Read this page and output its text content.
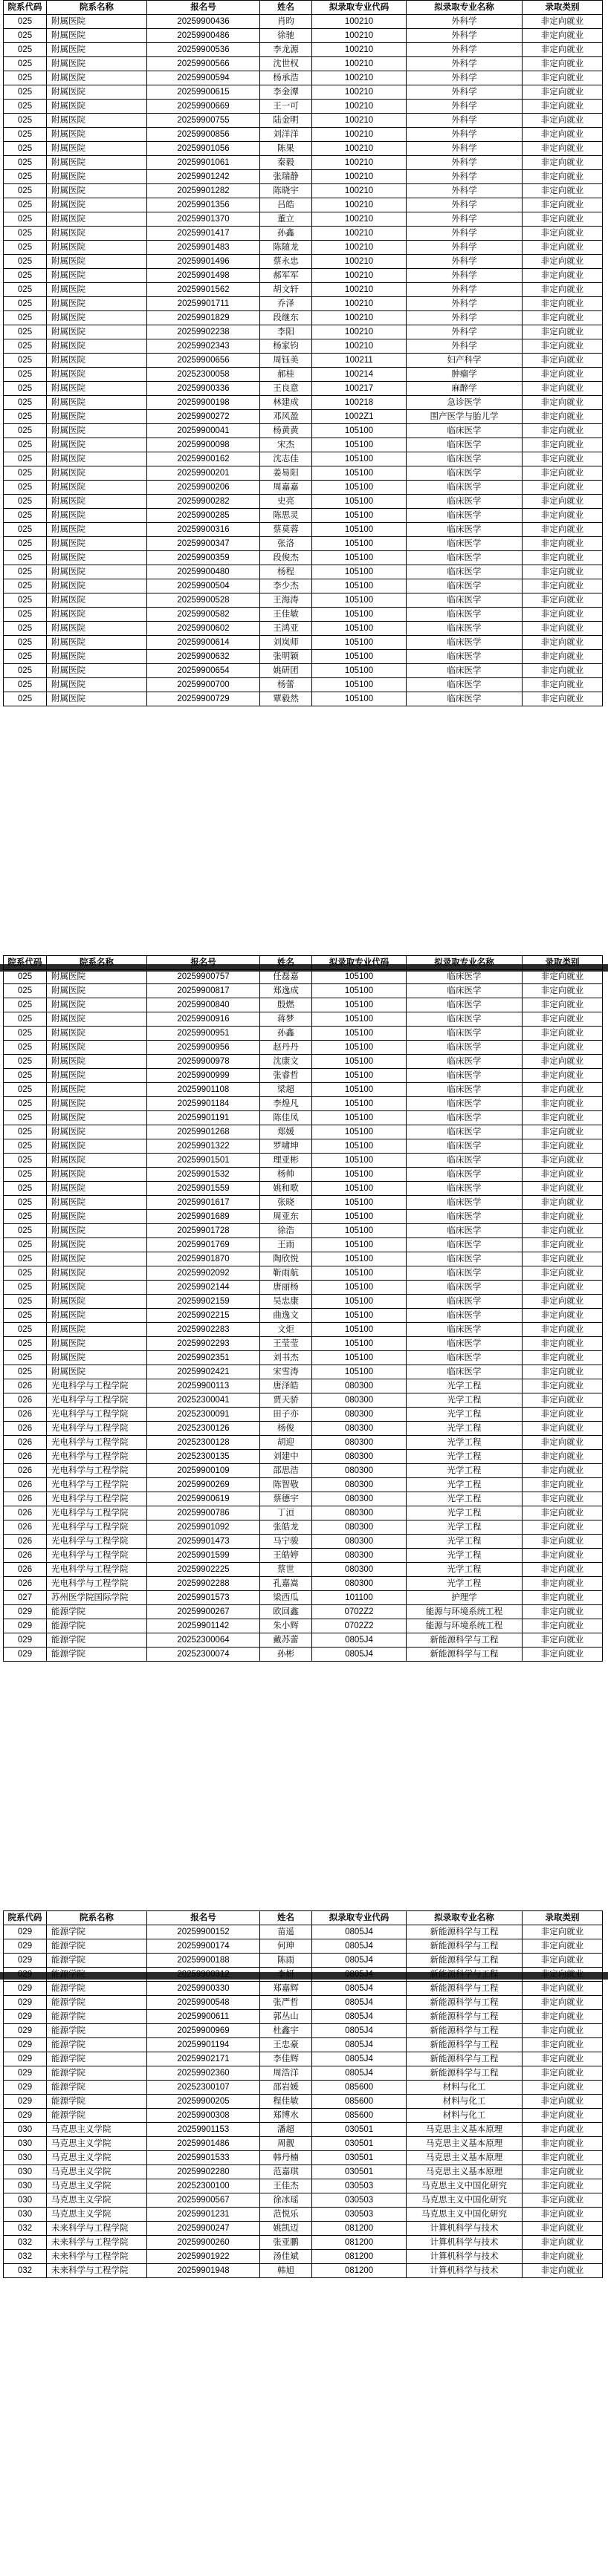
院系代码	院系名称	报名号	姓名	拟录取专业代码	拟录取专业名称	录取类别
025	附属医院	20259900436	肖昀	100210	外科学	非定向就业
025	附属医院	20259900486	徐驰	100210	外科学	非定向就业
025	附属医院	20259900536	李龙源	100210	外科学	非定向就业
025	附属医院	20259900566	沈世权	100210	外科学	非定向就业
025	附属医院	20259900594	杨承浩	100210	外科学	非定向就业
025	附属医院	20259900615	李金潭	100210	外科学	非定向就业
025	附属医院	20259900669	王一可	100210	外科学	非定向就业
025	附属医院	20259900755	陆金明	100210	外科学	非定向就业
025	附属医院	20259900856	刘洋洋	100210	外科学	非定向就业
025	附属医院	20259901056	陈果	100210	外科学	非定向就业
025	附属医院	20259901061	秦毅	100210	外科学	非定向就业
025	附属医院	20259901242	张瑞静	100210	外科学	非定向就业
025	附属医院	20259901282	陈晓宇	100210	外科学	非定向就业
025	附属医院	20259901356	吕皓	100210	外科学	非定向就业
025	附属医院	20259901370	董立	100210	外科学	非定向就业
025	附属医院	20259901417	孙鑫	100210	外科学	非定向就业
025	附属医院	20259901483	陈随龙	100210	外科学	非定向就业
025	附属医院	20259901496	蔡永忠	100210	外科学	非定向就业
025	附属医院	20259901498	郝军军	100210	外科学	非定向就业
025	附属医院	20259901562	胡文轩	100210	外科学	非定向就业
025	附属医院	20259901711	乔泽	100210	外科学	非定向就业
025	附属医院	20259901829	段继东	100210	外科学	非定向就业
025	附属医院	20259902238	李阳	100210	外科学	非定向就业
025	附属医院	20259902343	杨家钧	100210	外科学	非定向就业
025	附属医院	20259900656	周钰美	100211	妇产科学	非定向就业
025	附属医院	20252300058	郝桂	100214	肿瘤学	非定向就业
025	附属医院	20259900336	王良意	100217	麻醉学	非定向就业
025	附属医院	20259900198	林建成	100218	急诊医学	非定向就业
025	附属医院	20259900272	邓风盈	1002Z1	围产医学与胎儿学	非定向就业
025	附属医院	20259900041	杨黄黄	105100	临床医学	非定向就业
025	附属医院	20259900098	宋杰	105100	临床医学	非定向就业
025	附属医院	20259900162	沈志佳	105100	临床医学	非定向就业
025	附属医院	20259900201	姜易阳	105100	临床医学	非定向就业
025	附属医院	20259900206	周嘉嘉	105100	临床医学	非定向就业
025	附属医院	20259900282	史亮	105100	临床医学	非定向就业
025	附属医院	20259900285	陈思灵	105100	临床医学	非定向就业
025	附属医院	20259900316	蔡莫蓉	105100	临床医学	非定向就业
025	附属医院	20259900347	张洛	105100	临床医学	非定向就业
025	附属医院	20259900359	段俊杰	105100	临床医学	非定向就业
025	附属医院	20259900480	杨程	105100	临床医学	非定向就业
025	附属医院	20259900504	李少杰	105100	临床医学	非定向就业
025	附属医院	20259900528	王海涛	105100	临床医学	非定向就业
025	附属医院	20259900582	王佳敏	105100	临床医学	非定向就业
025	附属医院	20259900602	王鸿亚	105100	临床医学	非定向就业
025	附属医院	20259900614	刘岚师	105100	临床医学	非定向就业
025	附属医院	20259900632	张明颖	105100	临床医学	非定向就业
025	附属医院	20259900654	姚研团	105100	临床医学	非定向就业
025	附属医院	20259900700	杨蕾	105100	临床医学	非定向就业
025	附属医院	20259900729	覃毅然	105100	临床医学	非定向就业
院系代码	院系名称	报名号	姓名	拟录取专业代码	拟录取专业名称	录取类别
025	附属医院	20259900757	任磊嘉	105100	临床医学	非定向就业
025	附属医院	20259900817	郑逸成	105100	临床医学	非定向就业
025	附属医院	20259900840	殷燃	105100	临床医学	非定向就业
025	附属医院	20259900916	蒋梦	105100	临床医学	非定向就业
025	附属医院	20259900951	孙鑫	105100	临床医学	非定向就业
025	附属医院	20259900956	赵丹丹	105100	临床医学	非定向就业
025	附属医院	20259900978	沈康文	105100	临床医学	非定向就业
025	附属医院	20259900999	张睿哲	105100	临床医学	非定向就业
025	附属医院	20259901108	梁超	105100	临床医学	非定向就业
025	附属医院	20259901184	李煌凡	105100	临床医学	非定向就业
025	附属医院	20259901191	陈佳凤	105100	临床医学	非定向就业
025	附属医院	20259901268	郑媛	105100	临床医学	非定向就业
025	附属医院	20259901322	罗啸坤	105100	临床医学	非定向就业
025	附属医院	20259901501	理亚彬	105100	临床医学	非定向就业
025	附属医院	20259901532	杨帅	105100	临床医学	非定向就业
025	附属医院	20259901559	姚和歌	105100	临床医学	非定向就业
025	附属医院	20259901617	张晓	105100	临床医学	非定向就业
025	附属医院	20259901689	周亚东	105100	临床医学	非定向就业
025	附属医院	20259901728	徐浩	105100	临床医学	非定向就业
025	附属医院	20259901769	王雨	105100	临床医学	非定向就业
025	附属医院	20259901870	陶欣悦	105100	临床医学	非定向就业
025	附属医院	20259902092	靳雨航	105100	临床医学	非定向就业
025	附属医院	20259902144	唐丽杨	105100	临床医学	非定向就业
025	附属医院	20259902159	吴忠康	105100	临床医学	非定向就业
025	附属医院	20259902215	曲逸文	105100	临床医学	非定向就业
025	附属医院	20259902283	文炬	105100	临床医学	非定向就业
025	附属医院	20259902293	王莹莹	105100	临床医学	非定向就业
025	附属医院	20259902351	刘书杰	105100	临床医学	非定向就业
025	附属医院	20259902421	宋雪涛	105100	临床医学	非定向就业
026	光电科学与工程学院	20259900113	唐泽皓	080300	光学工程	非定向就业
026	光电科学与工程学院	20252300041	贾天骄	080300	光学工程	非定向就业
026	光电科学与工程学院	20252300091	田子亦	080300	光学工程	非定向就业
026	光电科学与工程学院	20252300126	杨俊	080300	光学工程	非定向就业
026	光电科学与工程学院	20252300128	胡迎	080300	光学工程	非定向就业
026	光电科学与工程学院	20252300135	刘建中	080300	光学工程	非定向就业
026	光电科学与工程学院	20259900109	邵思浩	080300	光学工程	非定向就业
026	光电科学与工程学院	20259900269	陈智敬	080300	光学工程	非定向就业
026	光电科学与工程学院	20259900619	蔡德宇	080300	光学工程	非定向就业
026	光电科学与工程学院	20259900786	丁洹	080300	光学工程	非定向就业
026	光电科学与工程学院	20259901092	张皓龙	080300	光学工程	非定向就业
026	光电科学与工程学院	20259901473	马宁骏	080300	光学工程	非定向就业
026	光电科学与工程学院	20259901599	王皓婷	080300	光学工程	非定向就业
026	光电科学与工程学院	20259902225	蔡世	080300	光学工程	非定向就业
026	光电科学与工程学院	20259902288	孔嘉嵩	080300	光学工程	非定向就业
027	苏州医学院国际学院	20259901573	梁西瓜	101100	护理学	非定向就业
029	能源学院	20259900267	欧回鑫	0702Z2	能源与环境系统工程	非定向就业
029	能源学院	20259901142	朱小辉	0702Z2	能源与环境系统工程	非定向就业
029	能源学院	20252300064	戴苏蕾	0805J4	新能源科学与工程	非定向就业
029	能源学院	20252300074	孙彬	0805J4	新能源科学与工程	非定向就业
院系代码	院系名称	报名号	姓名	拟录取专业代码	拟录取专业名称	录取类别
029	能源学院	20259900152	苗遥	0805J4	新能源科学与工程	非定向就业
029	能源学院	20259900174	何珅	0805J4	新能源科学与工程	非定向就业
029	能源学院	20259900188	陈雨	0805J4	新能源科学与工程	非定向就业
029	能源学院	20259900312	李妍	0805J4	新能源科学与工程	非定向就业
029	能源学院	20259900330	郑嘉辉	0805J4	新能源科学与工程	非定向就业
029	能源学院	20259900548	张严哲	0805J4	新能源科学与工程	非定向就业
029	能源学院	20259900611	郭丛山	0805J4	新能源科学与工程	非定向就业
029	能源学院	20259900969	杜鑫宇	0805J4	新能源科学与工程	非定向就业
029	能源学院	20259901194	王忠豪	0805J4	新能源科学与工程	非定向就业
029	能源学院	20259902171	李佳辉	0805J4	新能源科学与工程	非定向就业
029	能源学院	20259902360	周浩洋	0805J4	新能源科学与工程	非定向就业
029	能源学院	20252300107	邵岩媛	085600	材料与化工	非定向就业
029	能源学院	20259900205	程佳敏	085600	材料与化工	非定向就业
029	能源学院	20259900308	郑博水	085600	材料与化工	非定向就业
030	马克思主义学院	20259901153	潘超	030501	马克思主义基本原理	非定向就业
030	马克思主义学院	20259901486	周靓	030501	马克思主义基本原理	非定向就业
030	马克思主义学院	20259901533	韩丹楠	030501	马克思主义基本原理	非定向就业
030	马克思主义学院	20259902280	范嘉琪	030501	马克思主义基本原理	非定向就业
030	马克思主义学院	20252300100	王佳杰	030503	马克思主义中国化研究	非定向就业
030	马克思主义学院	20259900567	徐冰瑶	030503	马克思主义中国化研究	非定向就业
030	马克思主义学院	20259901231	范悦乐	030503	马克思主义中国化研究	非定向就业
032	未来科学与工程学院	20259900247	姚凯迈	081200	计算机科学与技术	非定向就业
032	未来科学与工程学院	20259900260	张亚鹏	081200	计算机科学与技术	非定向就业
032	未来科学与工程学院	20259901922	汤佳斌	081200	计算机科学与技术	非定向就业
032	未来科学与工程学院	20259901948	韩旭	081200	计算机科学与技术	非定向就业
